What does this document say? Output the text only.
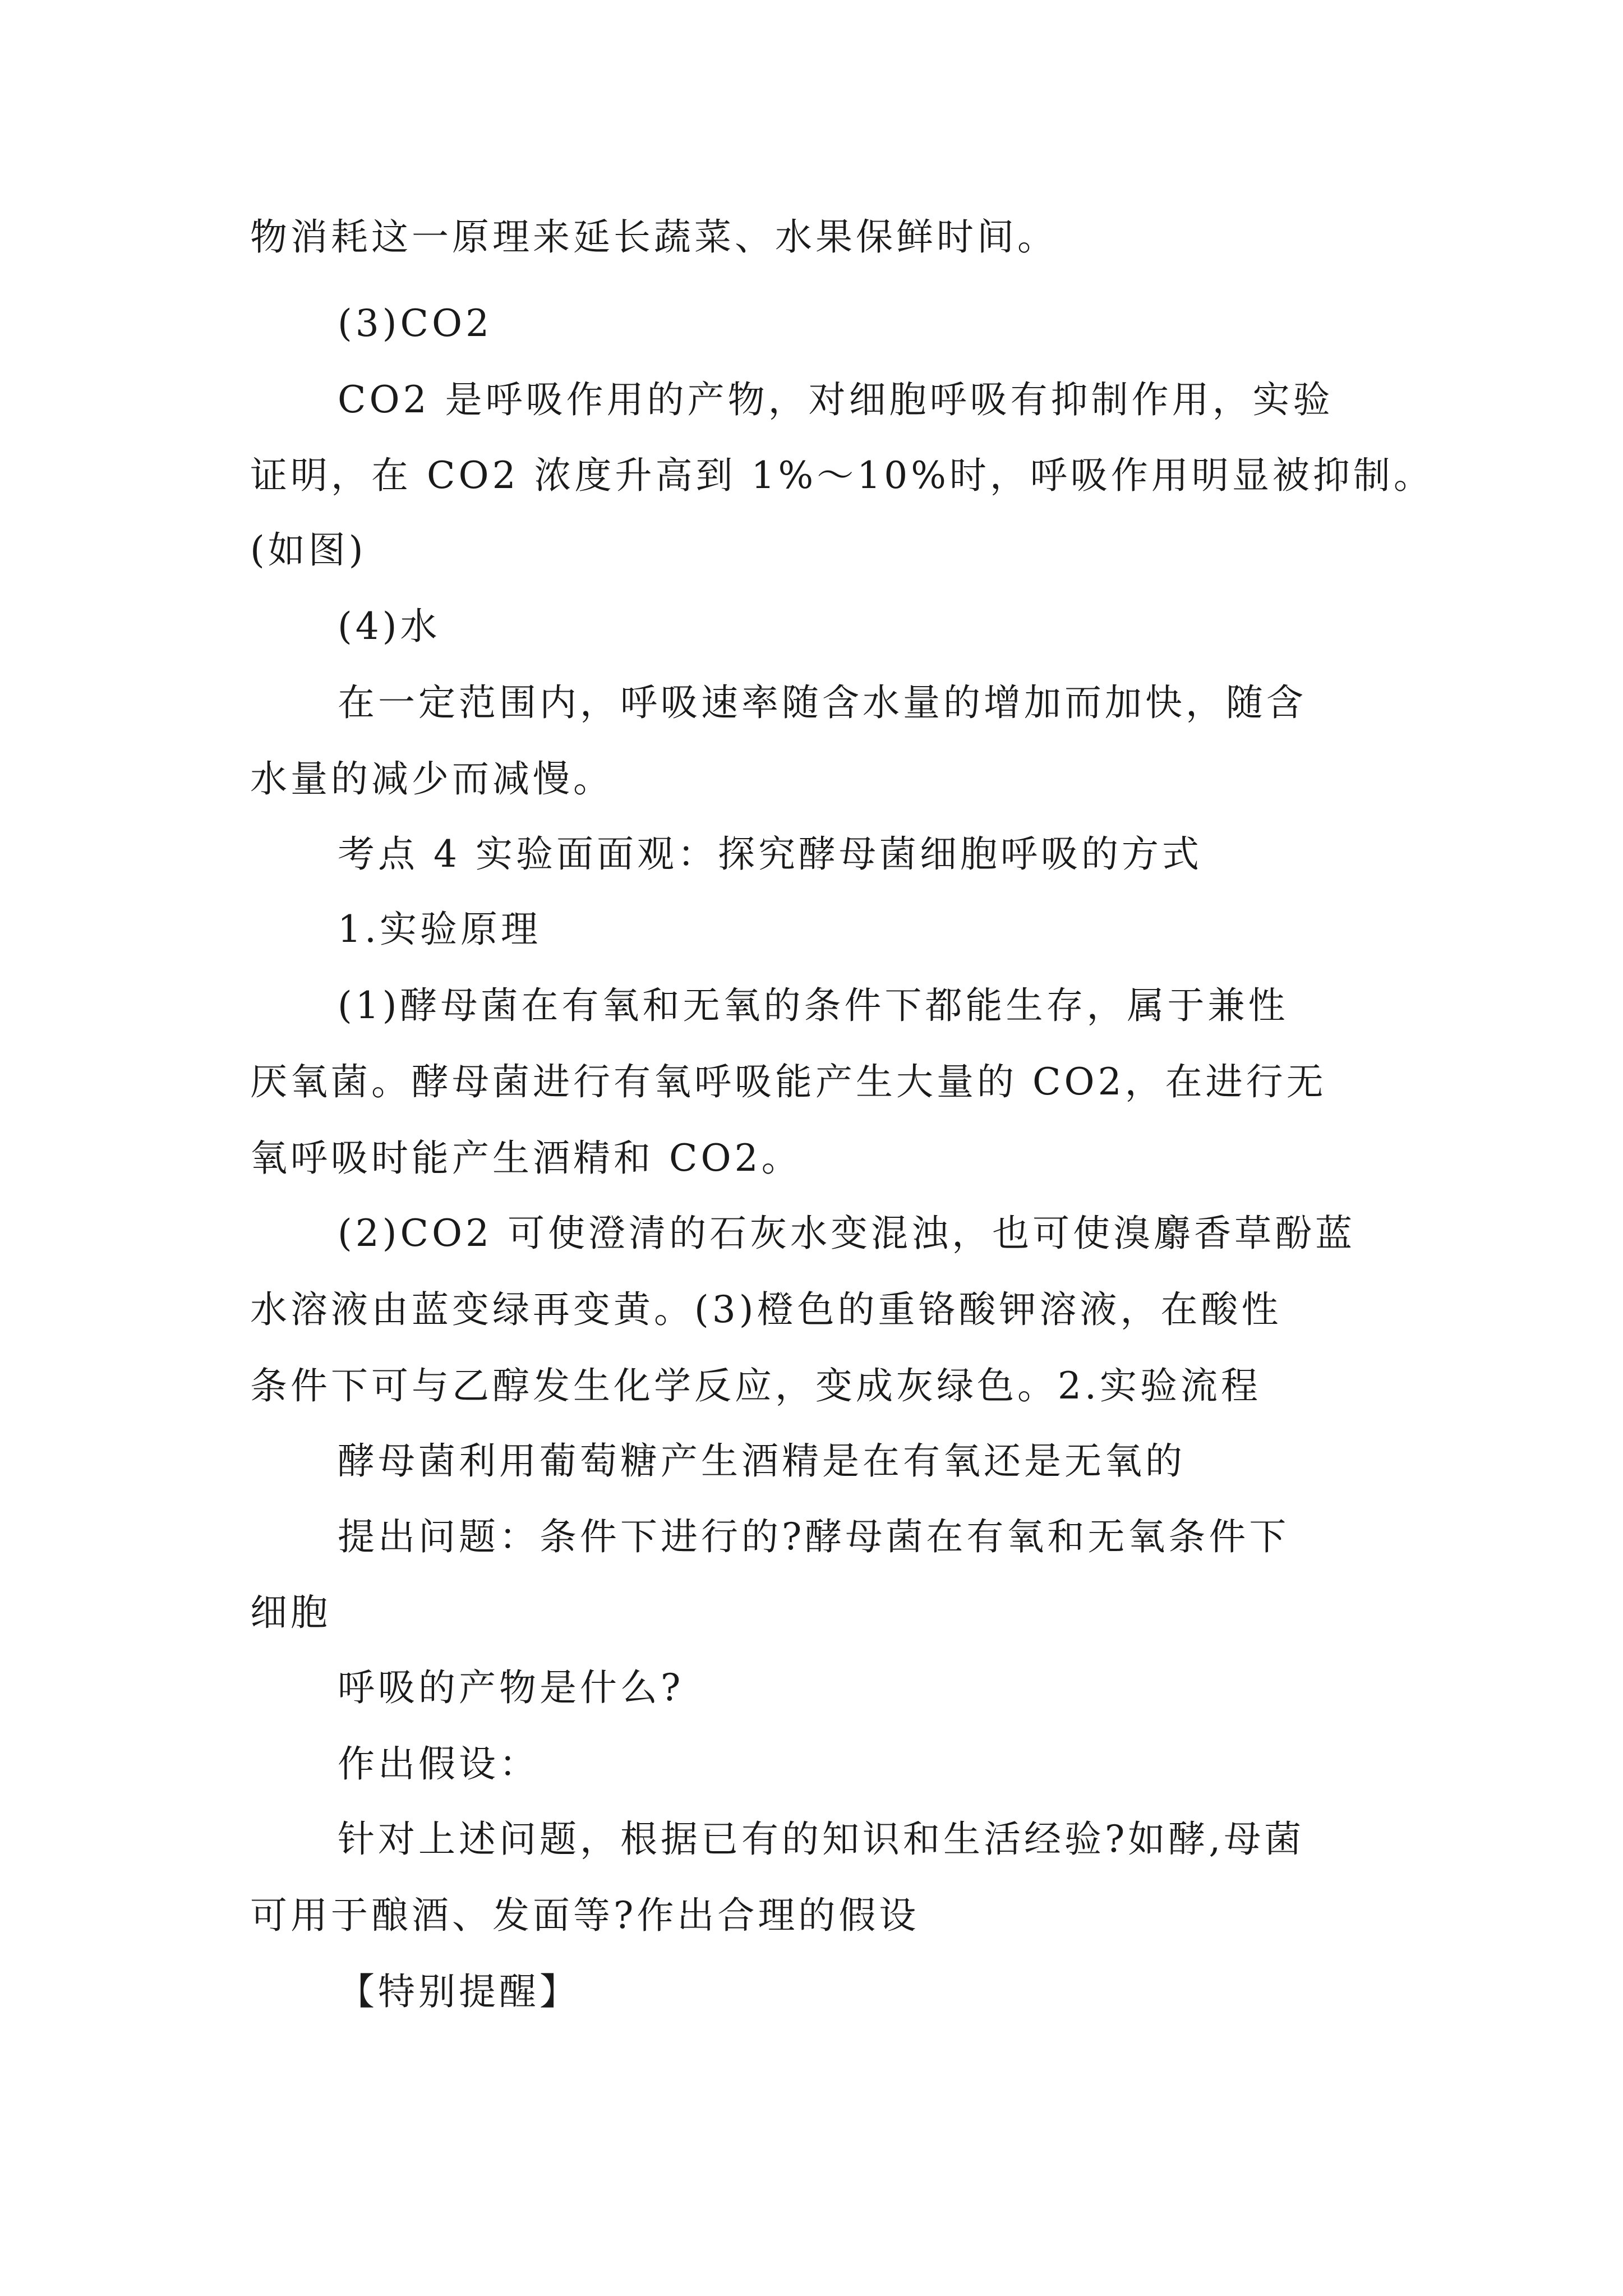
物消耗这一原理来延长蔬菜、水果保鲜时间。
(3)CO2
CO2 是呼吸作用的产物，对细胞呼吸有抑制作用，实验
证明，在 CO2 浓度升高到 1%～10%时，呼吸作用明显被抑制。
(如图)
(4)水
在一定范围内，呼吸速率随含水量的增加而加快，随含
水量的减少而减慢。
考点 4 实验面面观：探究酵母菌细胞呼吸的方式
1.实验原理
(1)酵母菌在有氧和无氧的条件下都能生存，属于兼性
厌氧菌。酵母菌进行有氧呼吸能产生大量的 CO2，在进行无
氧呼吸时能产生酒精和 CO2。
(2)CO2 可使澄清的石灰水变混浊，也可使溴麝香草酚蓝
水溶液由蓝变绿再变黄。(3)橙色的重铬酸钾溶液，在酸性
条件下可与乙醇发生化学反应，变成灰绿色。2.实验流程
酵母菌利用葡萄糖产生酒精是在有氧还是无氧的
提出问题：条件下进行的?酵母菌在有氧和无氧条件下
细胞
呼吸的产物是什么?
作出假设：
针对上述问题，根据已有的知识和生活经验?如酵,母菌
可用于酿酒、发面等?作出合理的假设
【特别提醒】
